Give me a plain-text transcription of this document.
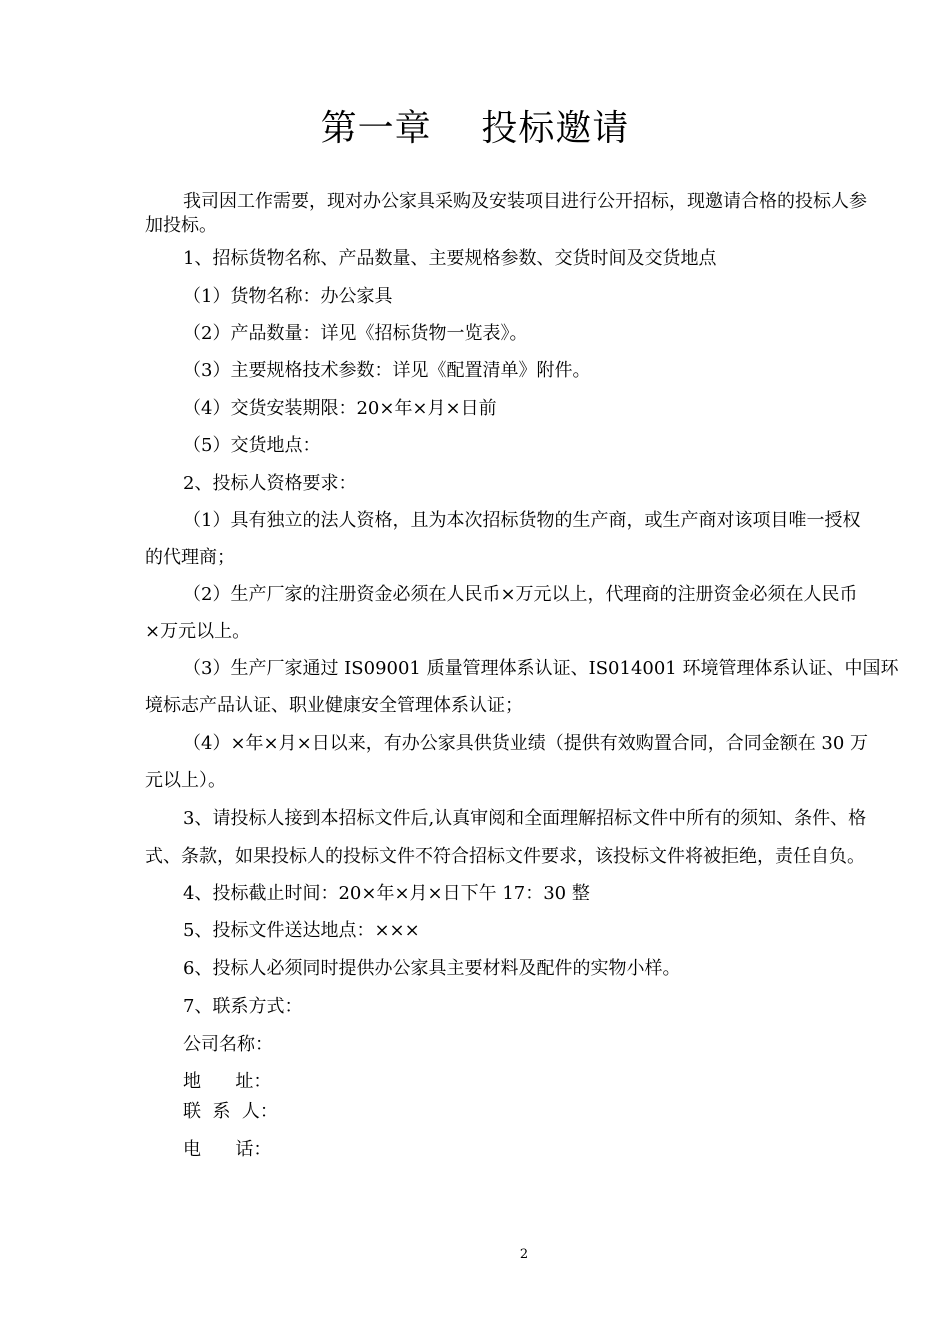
第一章    投标邀请
我司因工作需要，现对办公家具采购及安装项目进行公开招标，现邀请合格的投标人参
加投标。
1、招标货物名称、产品数量、主要规格参数、交货时间及交货地点
（1）货物名称：办公家具
（2）产品数量：详见《招标货物一览表》。
（3）主要规格技术参数：详见《配置清单》附件。
（4）交货安装期限：20×年×月×日前
（5）交货地点：
2、投标人资格要求：
（1）具有独立的法人资格，且为本次招标货物的生产商，或生产商对该项目唯一授权
的代理商；
（2）生产厂家的注册资金必须在人民币×万元以上，代理商的注册资金必须在人民币
×万元以上。
（3）生产厂家通过 IS09001 质量管理体系认证、IS014001 环境管理体系认证、中国环
境标志产品认证、职业健康安全管理体系认证；
（4）×年×月×日以来，有办公家具供货业绩（提供有效购置合同，合同金额在 30 万
元以上）。
3、请投标人接到本招标文件后,认真审阅和全面理解招标文件中所有的须知、条件、格
式、条款，如果投标人的投标文件不符合招标文件要求，该投标文件将被拒绝，责任自负。
4、投标截止时间：20×年×月×日下午 17：30 整
5、投标文件送达地点：×××
6、投标人必须同时提供办公家具主要材料及配件的实物小样。
7、联系方式：
公司名称：
地      址：
联  系  人：
电      话：
2
